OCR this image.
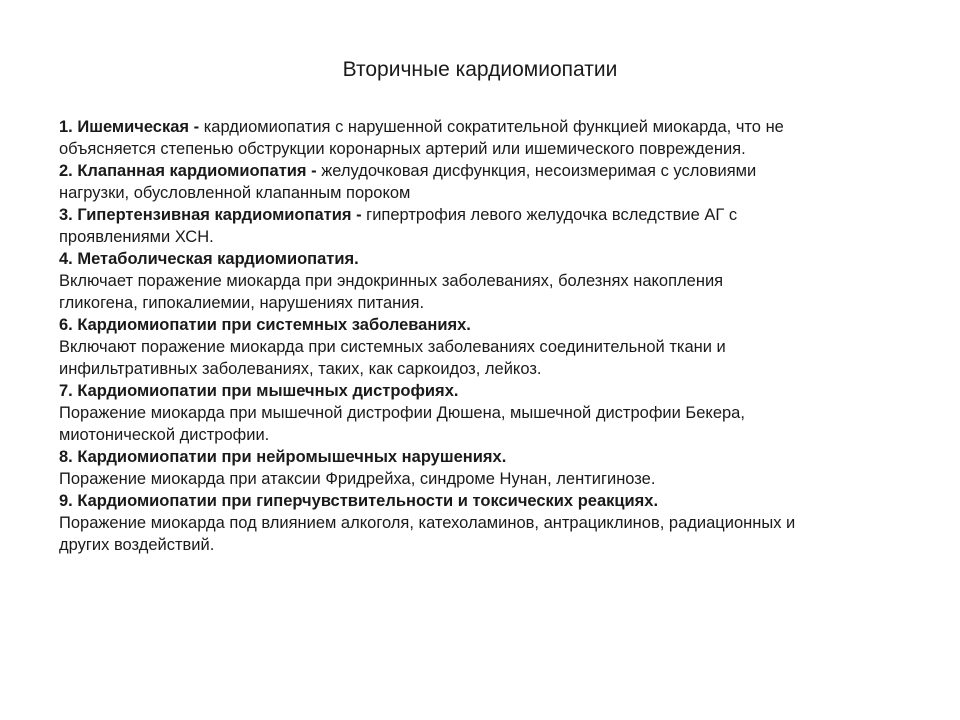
Вторичные кардиомиопатии

1. Ишемическая - кардиомиопатия с нарушенной сократительной функцией миокарда, что не объясняется степенью обструкции коронарных артерий или ишемического повреждения.

2. Клапанная кардиомиопатия - желудочковая дисфункция, несоизмеримая с условиями нагрузки, обусловленной клапанным пороком

3. Гипертензивная кардиомиопатия - гипертрофия левого желудочка вследствие АГ с проявлениями ХСН.

4. Метаболическая кардиомиопатия.
Включает поражение миокарда при эндокринных заболеваниях, болезнях накопления гликогена, гипокалиемии, нарушениях питания.

6. Кардиомиопатии при системных заболеваниях.
Включают поражение миокарда при системных заболеваниях соединительной ткани и инфильтративных заболеваниях, таких, как саркоидоз, лейкоз.

7. Кардиомиопатии при мышечных дистрофиях.
Поражение миокарда при мышечной дистрофии Дюшена, мышечной дистрофии Бекера, миотонической дистрофии.

8. Кардиомиопатии при нейромышечных нарушениях.
Поражение миокарда при атаксии Фридрейха, синдроме Нунан, лентигинозе.

9. Кардиомиопатии при гиперчувствительности и токсических реакциях.
Поражение миокарда под влиянием алкоголя, катехоламинов, антрациклинов, радиационных и других воздействий.
